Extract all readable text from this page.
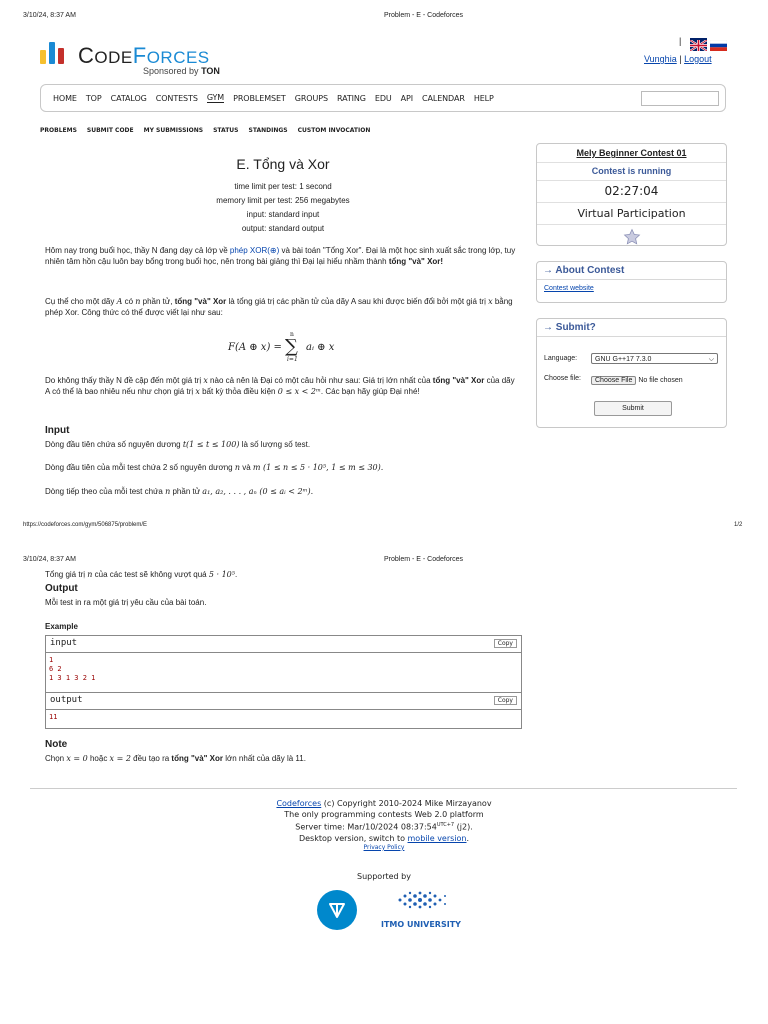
3/10/24, 8:37 AM	Problem - E - Codeforces
CODEFORCES
Sponsored by TON
|
Vunghia | Logout
HOME TOP CATALOG CONTESTS GYM PROBLEMSET GROUPS RATING EDU API CALENDAR HELP
PROBLEMS SUBMIT CODE MY SUBMISSIONS STATUS STANDINGS CUSTOM INVOCATION
E. Tổng và Xor
time limit per test: 1 second
memory limit per test: 256 megabytes
input: standard input
output: standard output
Hôm nay trong buổi học, thầy N đang dạy cả lớp về phép XOR(⊕) và bài toán "Tổng Xor". Đại là một học sinh xuất sắc trong lớp, tuy nhiên tâm hồn cậu luôn bay bổng trong buổi học, nên trong bài giảng thì Đại lại hiểu nhầm thành tổng "và" Xor!
Cụ thể cho một dãy A có n phần tử, tổng "và" Xor là tổng giá trị các phần tử của dãy A sau khi được biến đổi bởi một giá trị x bằng phép Xor. Công thức có thể được viết lại như sau:
F(A ⊕ x) =
n
∑
i=1
aᵢ ⊕ x
Do không thấy thầy N đề cập đến một giá trị x nào cả nên là Đại có một câu hỏi như sau: Giá trị lớn nhất của tổng "và" Xor của dãy A có thể là bao nhiêu nếu như chọn giá trị x bất kỳ thỏa điều kiện 0 ≤ x < 2ᵐ. Các bạn hãy giúp Đại nhé!
Input
Dòng đầu tiên chứa số nguyên dương t(1 ≤ t ≤ 100) là số lượng số test.
Dòng đầu tiên của mỗi test chứa 2 số nguyên dương n và m (1 ≤ n ≤ 5 · 10⁵, 1 ≤ m ≤ 30).
Dòng tiếp theo của mỗi test chứa n phần tử a₁, a₂, . . . , aₙ (0 ≤ aᵢ < 2ᵐ).
Mely Beginner Contest 01
Contest is running
02:27:04
Virtual Participation
→ About Contest
Contest website
→ Submit?
Language:	GNU G++17 7.3.0	⌵
Choose file:	Choose File No file chosen
Submit
https://codeforces.com/gym/506875/problem/E	1/2
3/10/24, 8:37 AM	Problem - E - Codeforces
Tổng giá trị n của các test sẽ không vượt quá 5 · 10⁵.
Output
Mỗi test in ra một giá trị yêu cầu của bài toán.
Example
input	Copy
1
6 2
1 3 1 3 2 1
output	Copy
11
Note
Chọn x = 0 hoặc x = 2 đều tạo ra tổng "và" Xor lớn nhất của dãy là 11.
Codeforces (c) Copyright 2010-2024 Mike Mirzayanov
The only programming contests Web 2.0 platform
Server time: Mar/10/2024 $08:37:54^{UTC+7}$ (j2).
Desktop version, switch to mobile version.
Privacy Policy
Supported by
ITMO UNIVERSITY
